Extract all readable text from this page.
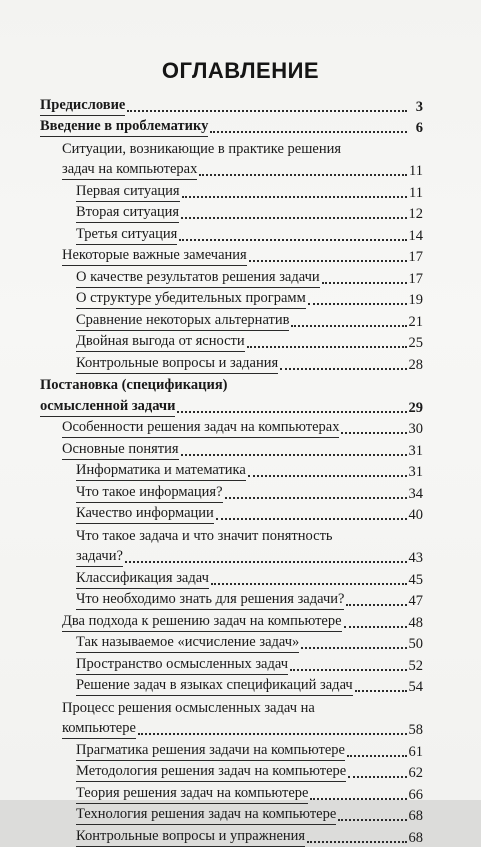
ОГЛАВЛЕНИЕ
Предисловие	3
Введение в проблематику	6
Ситуации, возникающие в практике решения
задач на компьютерах	11
Первая ситуация	11
Вторая ситуация	12
Третья ситуация	14
Некоторые важные замечания	17
О качестве результатов решения задачи	17
О структуре убедительных программ	19
Сравнение некоторых альтернатив	21
Двойная выгода от ясности	25
Контрольные вопросы и задания	28
Постановка (спецификация)
осмысленной задачи	29
Особенности решения задач на компьютерах	30
Основные понятия	31
Информатика и математика	31
Что такое информация?	34
Качество информации	40
Что такое задача и что значит понятность
задачи?	43
Классификация задач	45
Что необходимо знать для решения задачи?	47
Два подхода к решению задач на компьютере	48
Так называемое «исчисление задач»	50
Пространство осмысленных задач	52
Решение задач в языках спецификаций задач	54
Процесс решения осмысленных задач на
компьютере	58
Прагматика решения задачи на компьютере	61
Методология решения задач на компьютере	62
Теория решения задач на компьютере	66
Технология решения задач на компьютере	68
Контрольные вопросы и упражнения	68
